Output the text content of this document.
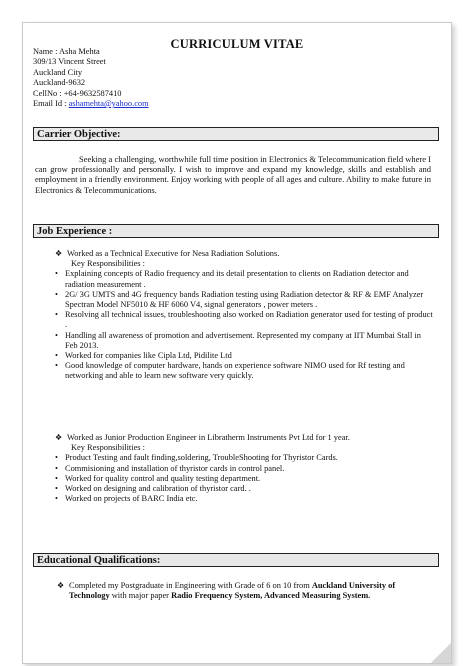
CURRICULUM VITAE
Name : Asha Mehta
309/13 Vincent Street
Auckland City
Auckland-9632
CellNo : +64-9632587410
Email Id : ashamehta@yahoo.com
Carrier Objective:
Seeking a challenging, worthwhile full time position in Electronics & Telecommunication field where I can grow professionally and personally. I wish to improve and expand my knowledge, skills and establish and employment in a friendly environment. Enjoy working with people of all ages and culture. Ability to make future in Electronics & Telecommunications.
Job Experience :
❖ Worked as a Technical Executive for Nesa Radiation Solutions.
Key Responsibilities :
• Explaining concepts of Radio frequency and its detail presentation to clients on Radiation detector and radiation measurement .
• 2G/ 3G UMTS and 4G frequency bands Radiation testing using Radiation detector & RF & EMF Analyzer Spectran Model NF5010 & HF 6060 V4, signal generators , power meters .
• Resolving all technical issues, troubleshooting also worked on Radiation generator used for testing of product .
• Handling all awareness of promotion and advertisement. Represented my company at IIT Mumbai Stall in Feb 2013.
• Worked for companies like Cipla Ltd, Pidilite Ltd
• Good knowledge of computer hardware, hands on experience software NIMO used for Rf testing and networking and able to learn new software very quickly.
❖ Worked as Junior Production Engineer in Libratherm Instruments Pvt Ltd for 1 year.
Key Responsibilities :
• Product Testing and fault finding,soldering, TroubleShooting for Thyristor Cards.
• Commisioning and installation of thyristor cards in control panel.
• Worked for quality control and quality testing department.
• Worked on designing and calibration of thyristor card. .
• Worked on projects of BARC India etc.
Educational Qualifications:
❖ Completed my Postgraduate in Engineering with Grade of 6 on 10 from Auckland University of Technology with major paper Radio Frequency System, Advanced Measuring System.
